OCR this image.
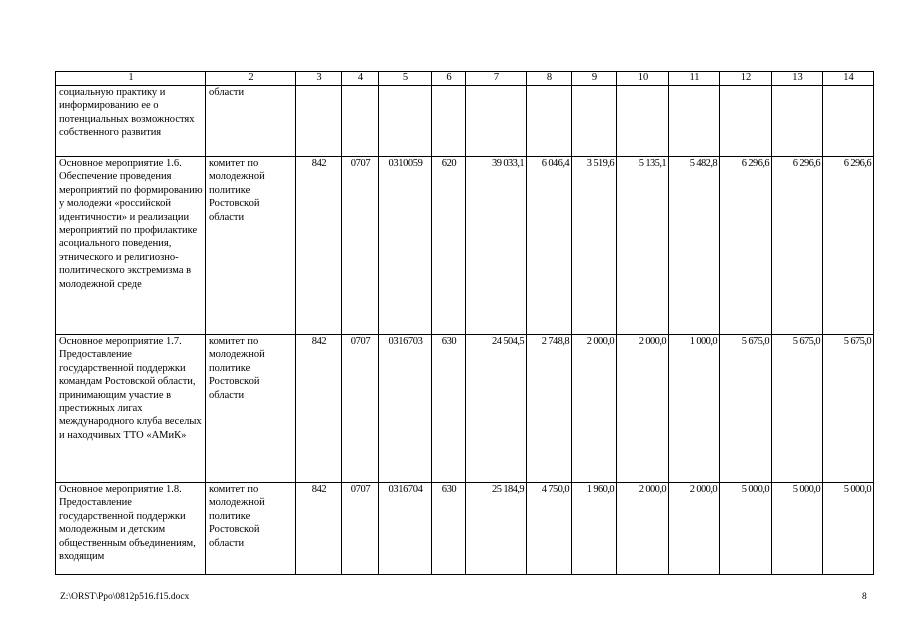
1	2	3	4	5	6	7	8	9	10	11	12	13	14
социальную практику и информированию ее о потенциальных возможностях собственного развития	области												
Основное мероприятие 1.6. Обеспечение проведения мероприятий по формированию у молодежи «российской идентичности» и реализации мероприятий по профилактике асоциального поведения, этнического и религиознополитического экстремизма в молодежной среде	комитет по молодежной политике Ростовской области	842	0707	0310059	620	39 033,1	6 046,4	3 519,6	5 135,1	5 482,8	6 296,6	6 296,6	6 296,6
Основное мероприятие 1.7. Предоставление государственной поддержки командам Ростовской области, принимающим участие в престижных лигах международного клуба веселых и находчивых ТТО «АМиК»	комитет по молодежной политике Ростовской области	842	0707	0316703	630	24 504,5	2 748,8	2 000,0	2 000,0	1 000,0	5 675,0	5 675,0	5 675,0
Основное мероприятие 1.8. Предоставление государственной поддержки молодежным и детским общественным объединениям, входящим	комитет по молодежной политике Ростовской области	842	0707	0316704	630	25 184,9	4 750,0	1 960,0	2 000,0	2 000,0	5 000,0	5 000,0	5 000,0
Z:\ORST\Ppo\0812p516.f15.docx	8
